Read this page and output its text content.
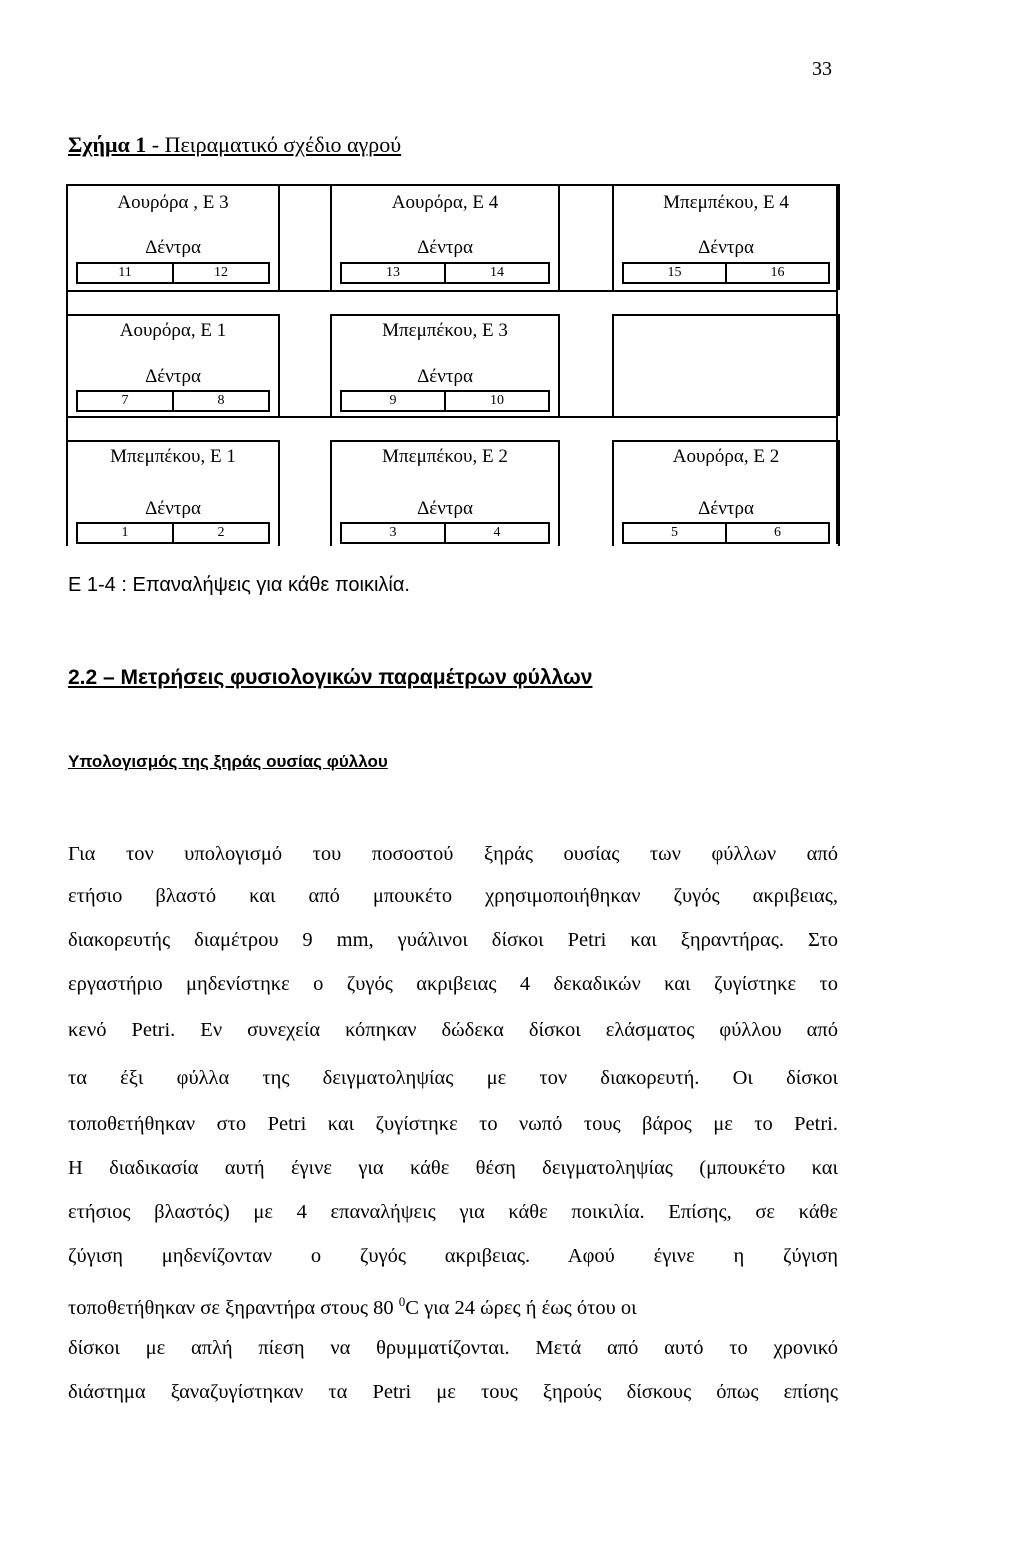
33
Σχήμα 1 - Πειραματικό σχέδιο αγρού
Αουρόρα , Ε 3
Δέντρα
11	12
Αουρόρα, Ε 4
Δέντρα
13	14
Μπεμπέκου, Ε 4
Δέντρα
15	16
Αουρόρα, Ε 1
Δέντρα
7	8
Μπεμπέκου, Ε 3
Δέντρα
9	10
Μπεμπέκου, Ε 1
Δέντρα
1	2
Μπεμπέκου, Ε 2
Δέντρα
3	4
Αουρόρα, Ε 2
Δέντρα
5	6
Ε 1-4 : Επαναλήψεις για κάθε ποικιλία.
2.2 – Μετρήσεις φυσιολογικών παραμέτρων φύλλων
Υπολογισμός της ξηράς ουσίας φύλλου
Για τον υπολογισμό του ποσοστού ξηράς ουσίας των φύλλων από
ετήσιο βλαστό και από μπουκέτο χρησιμοποιήθηκαν ζυγός ακριβειας,
διακορευτής διαμέτρου 9 mm, γυάλινοι δίσκοι Petri και ξηραντήρας. Στο
εργαστήριο μηδενίστηκε ο ζυγός ακριβειας 4 δεκαδικών και ζυγίστηκε το
κενό Petri. Εν συνεχεία κόπηκαν δώδεκα δίσκοι ελάσματος φύλλου από
τα έξι φύλλα της δειγματοληψίας με τον διακορευτή. Οι δίσκοι
τοποθετήθηκαν στο Petri και ζυγίστηκε το νωπό τους βάρος με το Petri.
Η διαδικασία αυτή έγινε για κάθε θέση δειγματοληψίας (μπουκέτο και
ετήσιος βλαστός) με 4 επαναλήψεις για κάθε ποικιλία. Επίσης, σε κάθε
ζύγιση μηδενίζονταν ο ζυγός ακριβειας. Αφού έγινε η ζύγιση
τοποθετήθηκαν σε ξηραντήρα στους 80 $^0$C για 24 ώρες ή έως ότου οι
δίσκοι με απλή πίεση να θρυμματίζονται. Μετά από αυτό το χρονικό
διάστημα ξαναζυγίστηκαν τα Petri με τους ξηρούς δίσκους όπως επίσης
